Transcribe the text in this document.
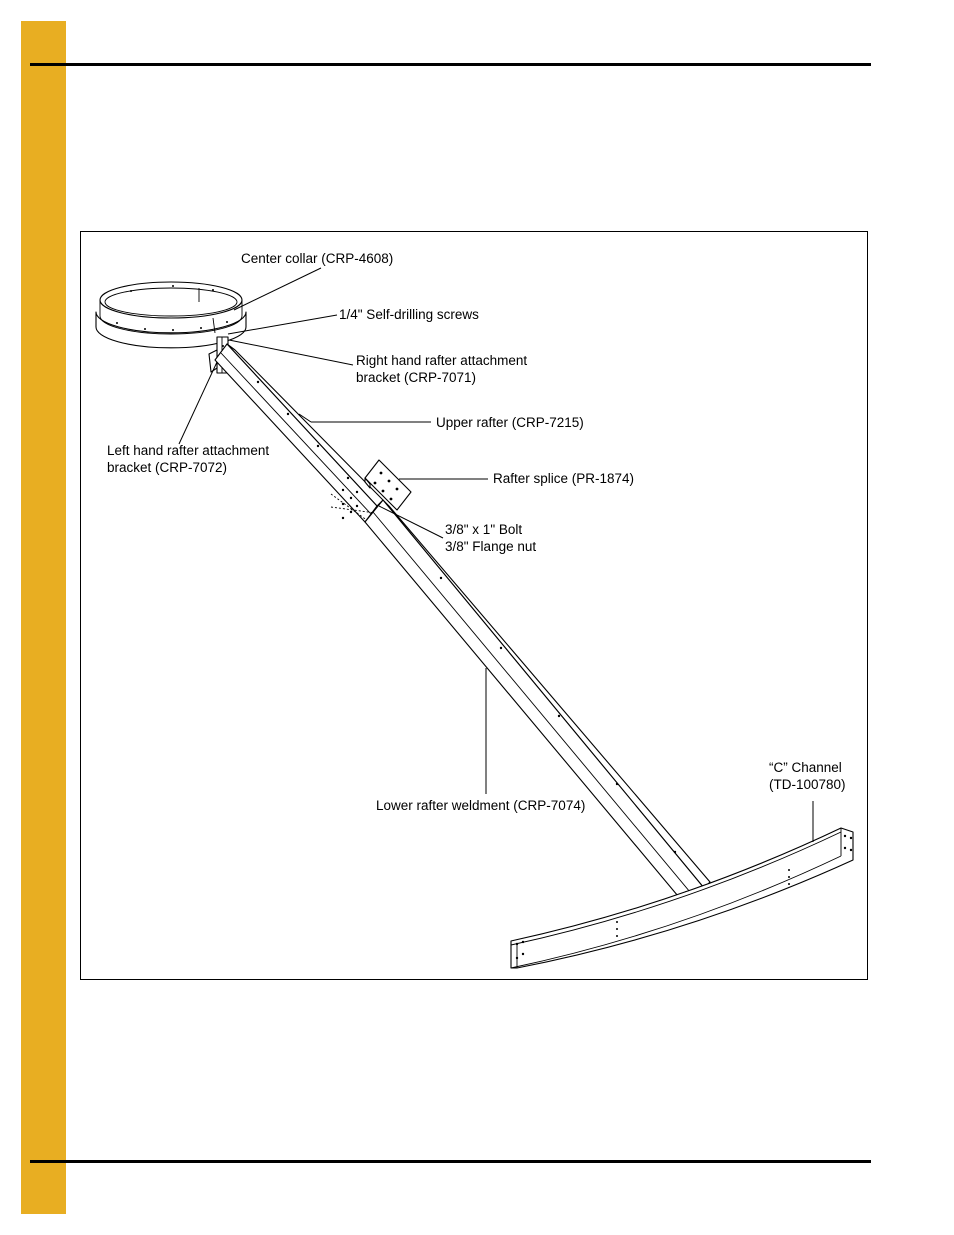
Center collar (CRP-4608)
1/4" Self-drilling screws
Right hand rafter attachment
bracket (CRP-7071)
Upper rafter (CRP-7215)
Left hand rafter attachment
bracket (CRP-7072)
Rafter splice (PR-1874)
3/8" x 1" Bolt
3/8" Flange nut
“C” Channel
(TD-100780)
Lower rafter weldment (CRP-7074)
